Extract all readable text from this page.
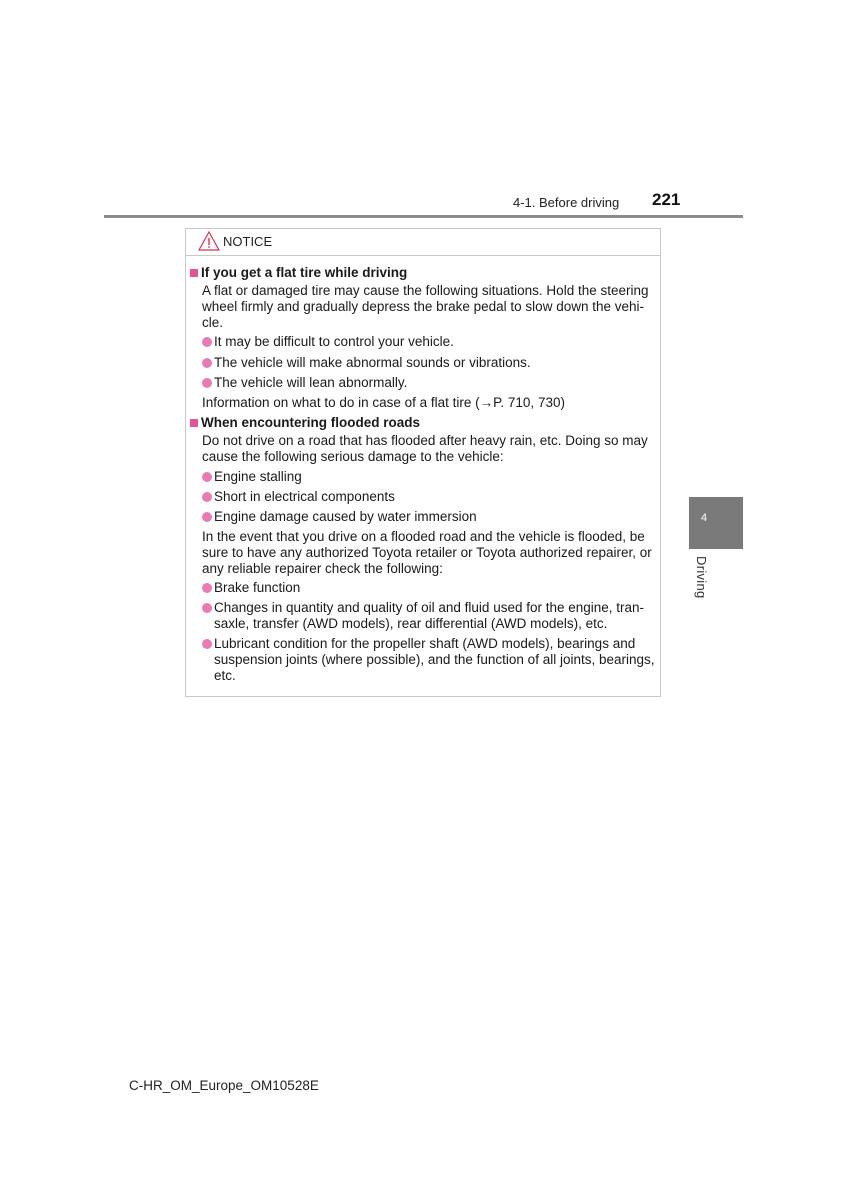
4-1. Before driving 221
4
Driving
NOTICE
If you get a flat tire while driving
A flat or damaged tire may cause the following situations. Hold the steering
wheel firmly and gradually depress the brake pedal to slow down the vehi-
cle.
It may be difficult to control your vehicle.
The vehicle will make abnormal sounds or vibrations.
The vehicle will lean abnormally.
Information on what to do in case of a flat tire (→P. 710, 730)
When encountering flooded roads
Do not drive on a road that has flooded after heavy rain, etc. Doing so may
cause the following serious damage to the vehicle:
Engine stalling
Short in electrical components
Engine damage caused by water immersion
In the event that you drive on a flooded road and the vehicle is flooded, be
sure to have any authorized Toyota retailer or Toyota authorized repairer, or
any reliable repairer check the following:
Brake function
Changes in quantity and quality of oil and fluid used for the engine, tran-
saxle, transfer (AWD models), rear differential (AWD models), etc.
Lubricant condition for the propeller shaft (AWD models), bearings and
suspension joints (where possible), and the function of all joints, bearings,
etc.
C-HR_OM_Europe_OM10528E
